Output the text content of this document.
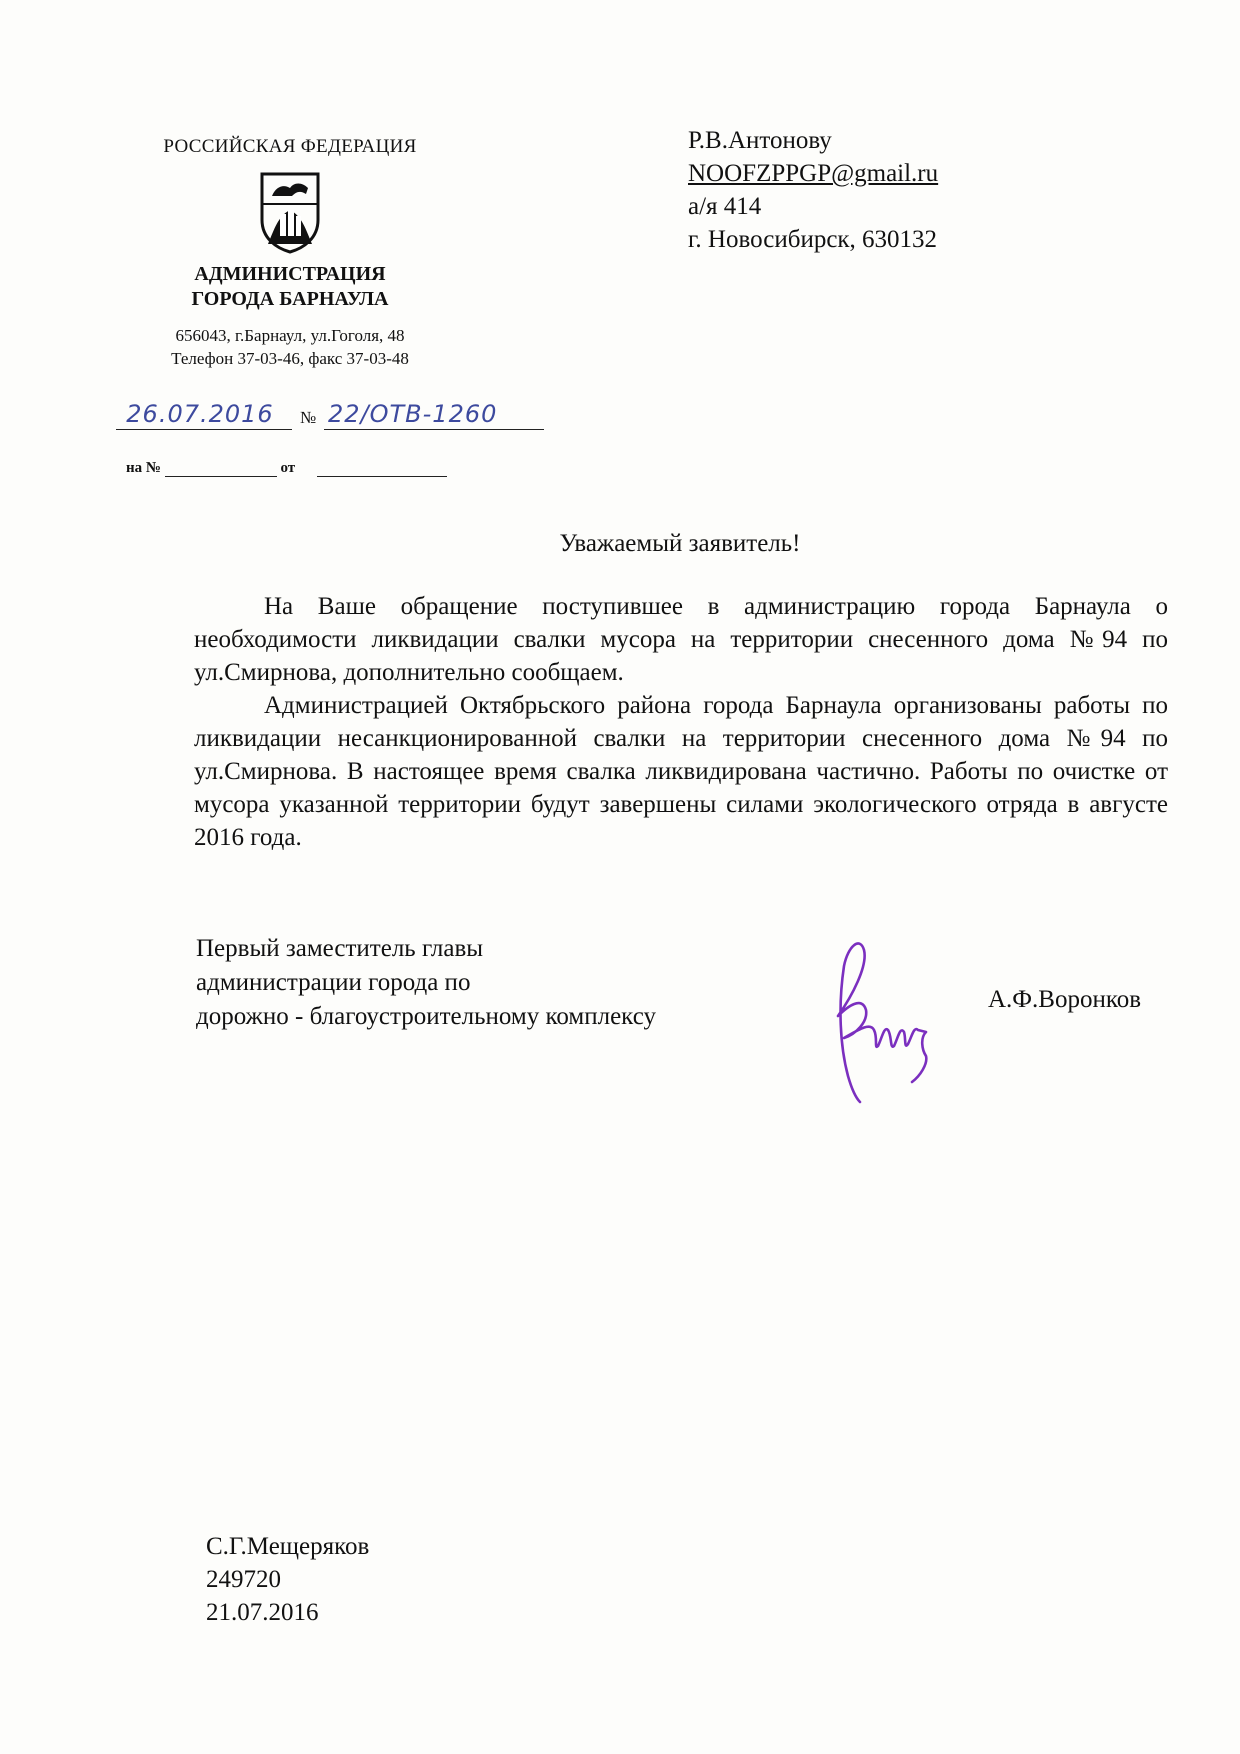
РОССИЙСКАЯ ФЕДЕРАЦИЯ
АДМИНИСТРАЦИЯ
ГОРОДА БАРНАУЛА
656043, г.Барнаул, ул.Гоголя, 48
Телефон 37-03-46, факс 37-03-48
26.07.2016	№ 22/ОТВ-1260
на №	от
Р.В.Антонову
NOOFZPPGP@gmail.ru
а/я 414
г. Новосибирск, 630132
Уважаемый заявитель!

На Ваше обращение поступившее в администрацию города Барнаула о необходимости ликвидации свалки мусора на территории снесенного дома №94 по ул.Смирнова, дополнительно сообщаем.

Администрацией Октябрьского района города Барнаула организованы работы по ликвидации несанкционированной свалки на территории снесенного дома №94 по ул.Смирнова. В настоящее время свалка ликвидирована частично. Работы по очистке от мусора указанной территории будут завершены силами экологического отряда в августе 2016 года.

Первый заместитель главы
администрации города по
дорожно - благоустроительному комплексу
А.Ф.Воронков
С.Г.Мещеряков
249720
21.07.2016
